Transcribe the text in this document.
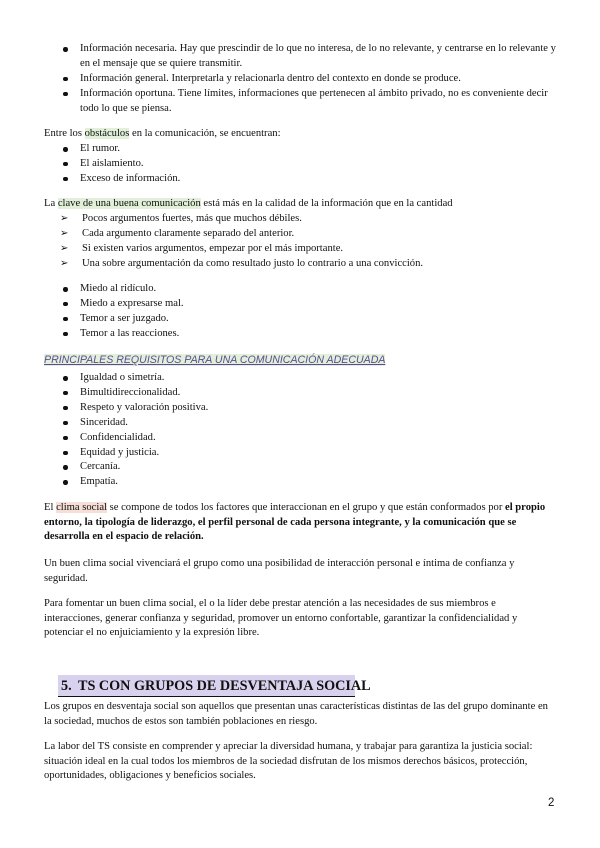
Información necesaria. Hay que prescindir de lo que no interesa, de lo no relevante, y centrarse en lo relevante y en el mensaje que se quiere transmitir.
Información general. Interpretarla y relacionarla dentro del contexto en donde se produce.
Información oportuna. Tiene límites, informaciones que pertenecen al ámbito privado, no es conveniente decir todo lo que se piensa.

Entre los obstáculos en la comunicación, se encuentran:

El rumor.
El aislamiento.
Exceso de información.

La clave de una buena comunicación está más en la calidad de la información que en la cantidad

➢ Pocos argumentos fuertes, más que muchos débiles.
➢ Cada argumento claramente separado del anterior.
➢ Si existen varios argumentos, empezar por el más importante.
➢ Una sobre argumentación da como resultado justo lo contrario a una convicción.
Miedo al ridículo.
Miedo a expresarse mal.
Temor a ser juzgado.
Temor a las reacciones.

PRINCIPALES REQUISITOS PARA UNA COMUNICACIÓN ADECUADA

Igualdad o simetría.
Bimultidireccionalidad.
Respeto y valoración positiva.
Sinceridad.
Confidencialidad.
Equidad y justicia.
Cercanía.
Empatía.

El clima social se compone de todos los factores que interaccionan en el grupo y que están conformados por el propio entorno, la tipología de liderazgo, el perfil personal de cada persona integrante, y la comunicación que se desarrolla en el espacio de relación.

Un buen clima social vivenciará el grupo como una posibilidad de interacción personal e íntima de confianza y seguridad.

Para fomentar un buen clima social, el o la líder debe prestar atención a las necesidades de sus miembros e interacciones, generar confianza y seguridad, promover un entorno confortable, garantizar la confidencialidad y potenciar el no enjuiciamiento y la expresión libre.

5. TS CON GRUPOS DE DESVENTAJA SOCIAL

Los grupos en desventaja social son aquellos que presentan unas características distintas de las del grupo dominante en la sociedad, muchos de estos son también poblaciones en riesgo.

La labor del TS consiste en comprender y apreciar la diversidad humana, y trabajar para garantiza la justicia social: situación ideal en la cual todos los miembros de la sociedad disfrutan de los mismos derechos básicos, protección, oportunidades, obligaciones y beneficios sociales.

2
